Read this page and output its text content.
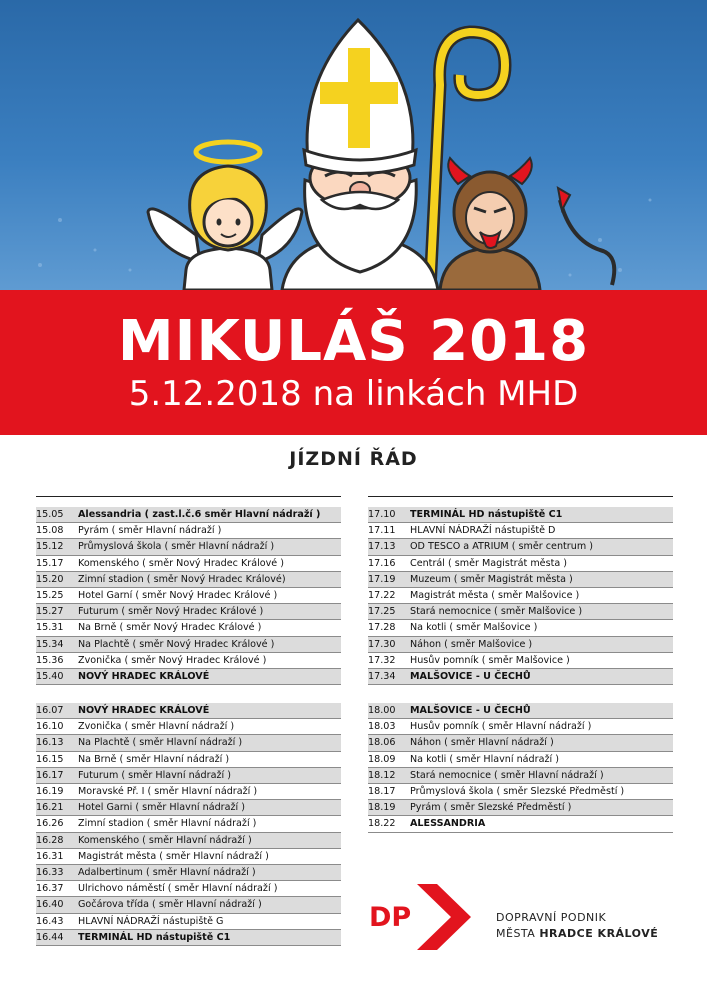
MIKULÁŠ 2018
5.12.2018 na linkách MHD
JÍZDNÍ ŘÁD
15.05	Alessandria ( zast.l.č.6 směr Hlavní nádraží )
15.08	Pyrám ( směr Hlavní nádraží )
15.12	Průmyslová škola ( směr Hlavní nádraží )
15.17	Komenského ( směr Nový Hradec Králové )
15.20	Zimní stadion ( směr Nový Hradec Králové)
15.25	Hotel Garní ( směr Nový Hradec Králové )
15.27	Futurum ( směr Nový Hradec Králové )
15.31	Na Brně ( směr Nový Hradec Králové )
15.34	Na Plachtě ( směr Nový Hradec Králové )
15.36	Zvonička ( směr Nový Hradec Králové )
15.40	NOVÝ HRADEC KRÁLOVÉ
16.07	NOVÝ HRADEC KRÁLOVÉ
16.10	Zvonička ( směr Hlavní nádraží )
16.13	Na Plachtě ( směr Hlavní nádraží )
16.15	Na Brně ( směr Hlavní nádraží )
16.17	Futurum ( směr Hlavní nádraží )
16.19	Moravské Př. I ( směr Hlavní nádraží )
16.21	Hotel Garni ( směr Hlavní nádraží )
16.26	Zimní stadion ( směr Hlavní nádraží )
16.28	Komenského ( směr Hlavní nádraží )
16.31	Magistrát města ( směr Hlavní nádraží )
16.33	Adalbertinum ( směr Hlavní nádraží )
16.37	Ulrichovo náměstí ( směr Hlavní nádraží )
16.40	Gočárova třída ( směr Hlavní nádraží )
16.43	HLAVNÍ NÁDRAŽÍ nástupiště G
16.44	TERMINÁL HD nástupiště C1
17.10	TERMINÁL HD nástupiště C1
17.11	HLAVNÍ NÁDRAŽÍ nástupiště D
17.13	OD TESCO a ATRIUM ( směr centrum )
17.16	Centrál ( směr Magistrát města )
17.19	Muzeum ( směr Magistrát města )
17.22	Magistrát města ( směr Malšovice )
17.25	Stará nemocnice ( směr Malšovice )
17.28	Na kotli ( směr Malšovice )
17.30	Náhon ( směr Malšovice )
17.32	Husův pomník ( směr Malšovice )
17.34	MALŠOVICE - U ČECHŮ
18.00	MALŠOVICE - U ČECHŮ
18.03	Husův pomník ( směr Hlavní nádraží )
18.06	Náhon ( směr Hlavní nádraží )
18.09	Na kotli ( směr Hlavní nádraží )
18.12	Stará nemocnice ( směr Hlavní nádraží )
18.17	Průmyslová škola ( směr Slezské Předměstí )
18.19	Pyrám ( směr Slezské Předměstí )
18.22	ALESSANDRIA
DP	DOPRAVNÍ PODNIK
MĚSTA HRADCE KRÁLOVÉ
